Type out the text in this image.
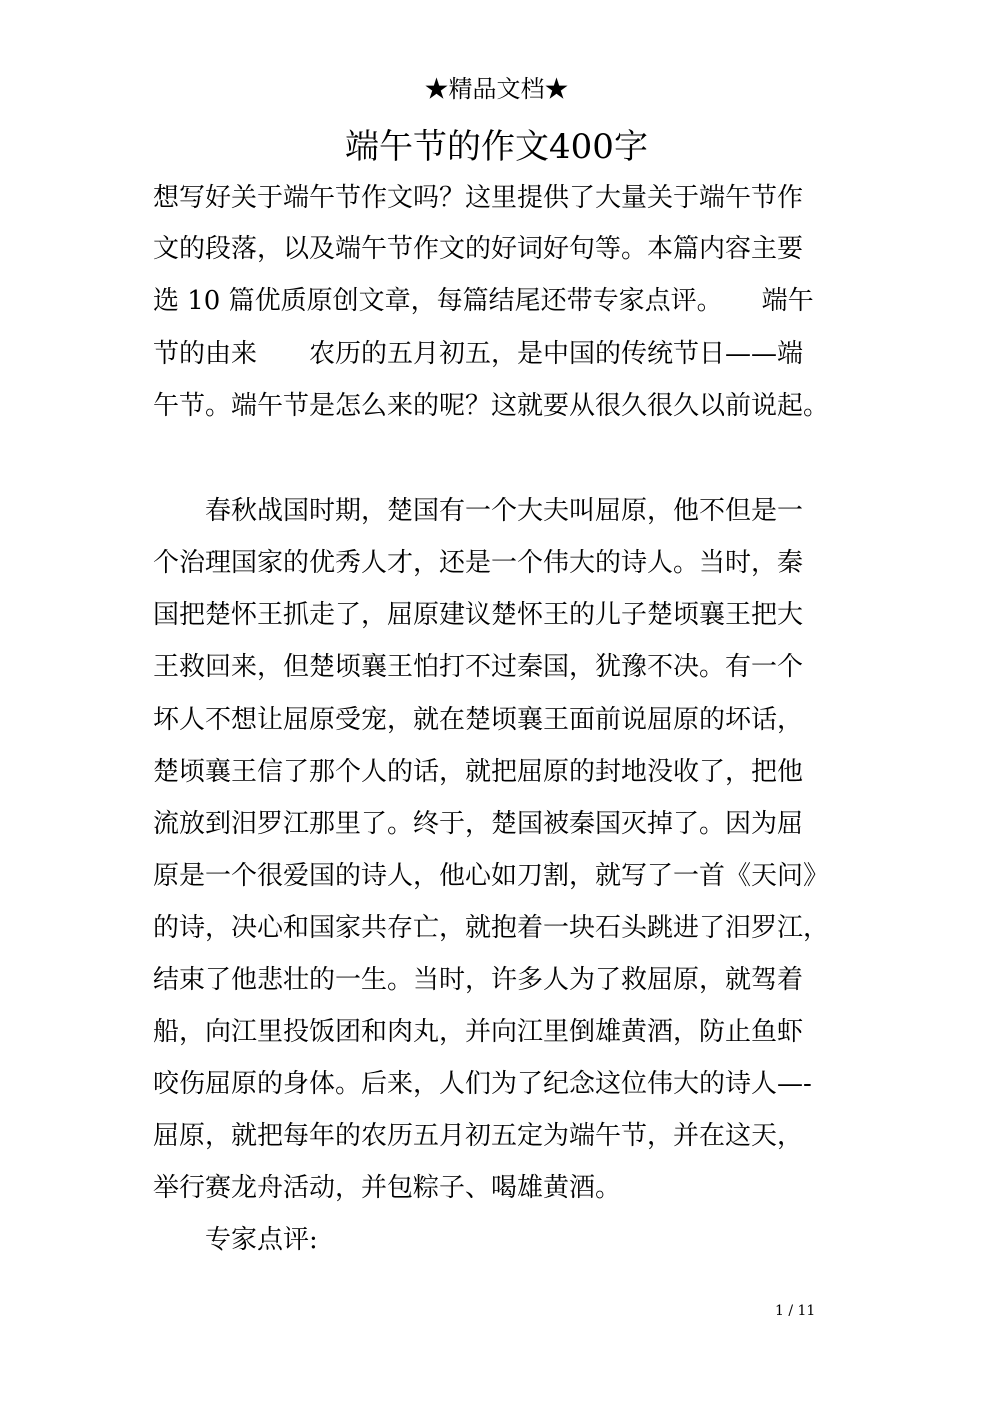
★精品文档★
端午节的作文400字
想写好关于端午节作文吗？这里提供了大量关于端午节作
文的段落，以及端午节作文的好词好句等。本篇内容主要
选 10 篇优质原创文章，每篇结尾还带专家点评。　　端午
节的由来　　农历的五月初五，是中国的传统节日——端
午节。端午节是怎么来的呢？这就要从很久很久以前说起。
春秋战国时期，楚国有一个大夫叫屈原，他不但是一
个治理国家的优秀人才，还是一个伟大的诗人。当时，秦
国把楚怀王抓走了，屈原建议楚怀王的儿子楚顷襄王把大
王救回来，但楚顷襄王怕打不过秦国，犹豫不决。有一个
坏人不想让屈原受宠，就在楚顷襄王面前说屈原的坏话，
楚顷襄王信了那个人的话，就把屈原的封地没收了，把他
流放到汨罗江那里了。终于，楚国被秦国灭掉了。因为屈
原是一个很爱国的诗人，他心如刀割，就写了一首《天问》
的诗，决心和国家共存亡，就抱着一块石头跳进了汨罗江，
结束了他悲壮的一生。当时，许多人为了救屈原，就驾着
船，向江里投饭团和肉丸，并向江里倒雄黄酒，防止鱼虾
咬伤屈原的身体。后来，人们为了纪念这位伟大的诗人—-
屈原，就把每年的农历五月初五定为端午节，并在这天，
举行赛龙舟活动，并包粽子、喝雄黄酒。
专家点评:
1 / 11
